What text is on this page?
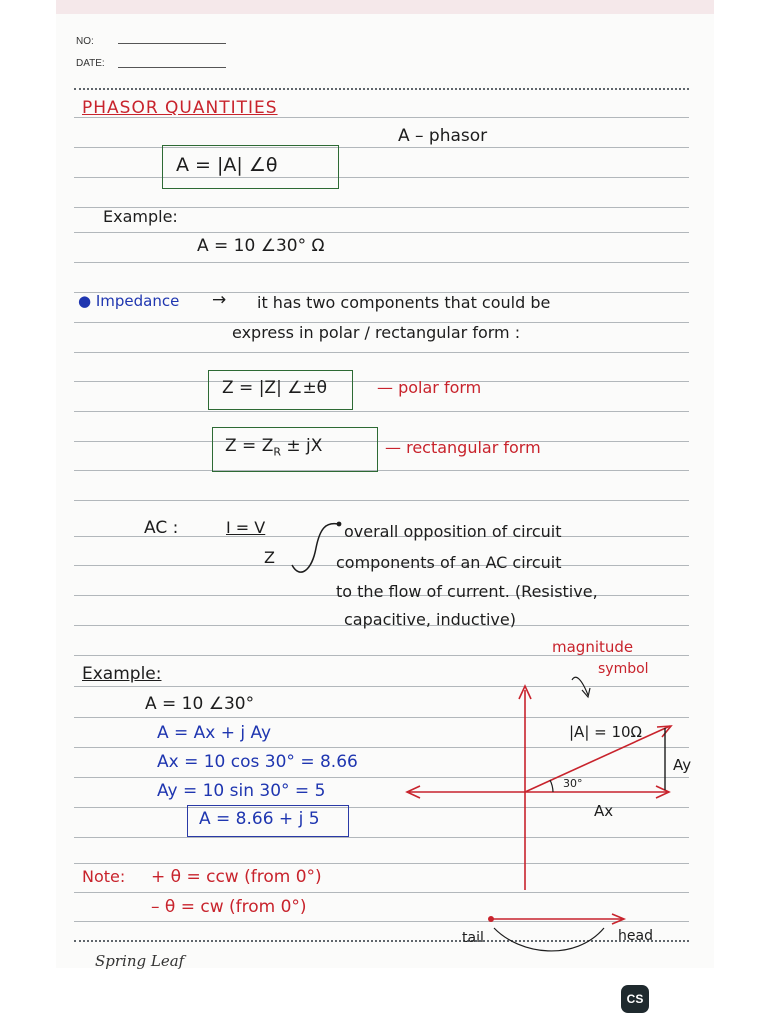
NO:
DATE:
PHASOR QUANTITIES
A – phasor
A = |A| ∠θ
Example:
A = 10 ∠30° Ω
● Impedance → it has two components that could be
express in polar / rectangular form :
Z = |Z| ∠±θ	— polar form
$Z = Z_R$ ± jX	— rectangular form
AC :	I = V
Z
overall opposition of circuit
components of an AC circuit
to the flow of current. (Resistive,
capacitive, inductive)
Example:
A = 10 ∠30°
A = Ax + j Ay
Ax = 10 cos 30° = 8.66
Ay = 10 sin 30° = 5
A = 8.66 + j 5
magnitude
symbol
|A| = 10Ω
30°
Ax
Ay
tail	head
Note: + θ = ccw (from 0°)
– θ = cw (from 0°)
Spring Leaf
CS
